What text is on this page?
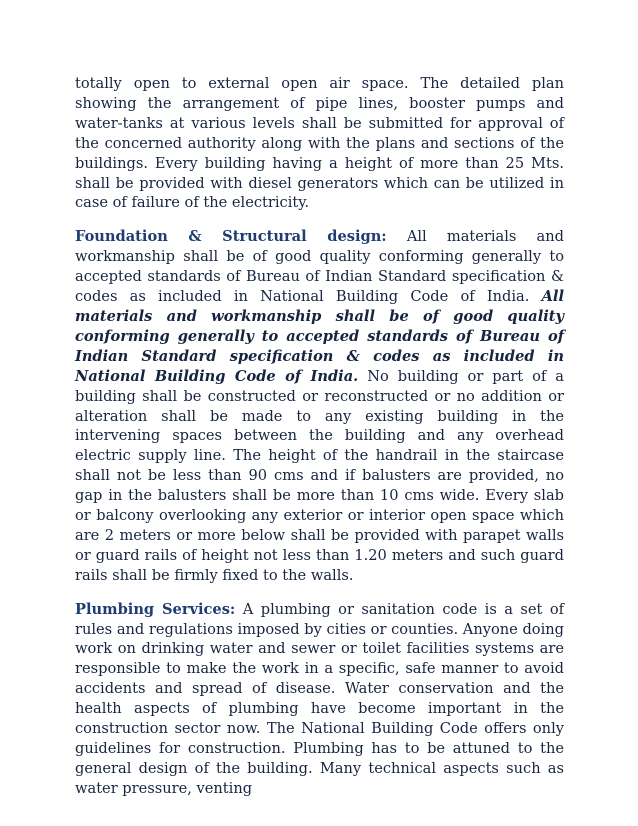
totally open to external open air space. The detailed plan showing the arrangement of pipe lines, booster pumps and water-tanks at various levels shall be submitted for approval of the concerned authority along with the plans and sections of the buildings. Every building having a height of more than 25 Mts. shall be provided with diesel generators which can be utilized in case of failure of the electricity.

Foundation & Structural design: All materials and workmanship shall be of good quality conforming generally to accepted standards of Bureau of Indian Standard specification & codes as included in National Building Code of India. All materials and workmanship shall be of good quality conforming generally to accepted standards of Bureau of Indian Standard specification & codes as included in National Building Code of India. No building or part of a building shall be constructed or reconstructed or no addition or alteration shall be made to any existing building in the intervening spaces between the building and any overhead electric supply line. The height of the handrail in the staircase shall not be less than 90 cms and if balusters are provided, no gap in the balusters shall be more than 10 cms wide. Every slab or balcony overlooking any exterior or interior open space which are 2 meters or more below shall be provided with parapet walls or guard rails of height not less than 1.20 meters and such guard rails shall be firmly fixed to the walls.

Plumbing Services: A plumbing or sanitation code is a set of rules and regulations imposed by cities or counties. Anyone doing work on drinking water and sewer or toilet facilities systems are responsible to make the work in a specific, safe manner to avoid accidents and spread of disease. Water conservation and the health aspects of plumbing have become important in the construction sector now. The National Building Code offers only guidelines for construction. Plumbing has to be attuned to the general design of the building. Many technical aspects such as water pressure, venting
